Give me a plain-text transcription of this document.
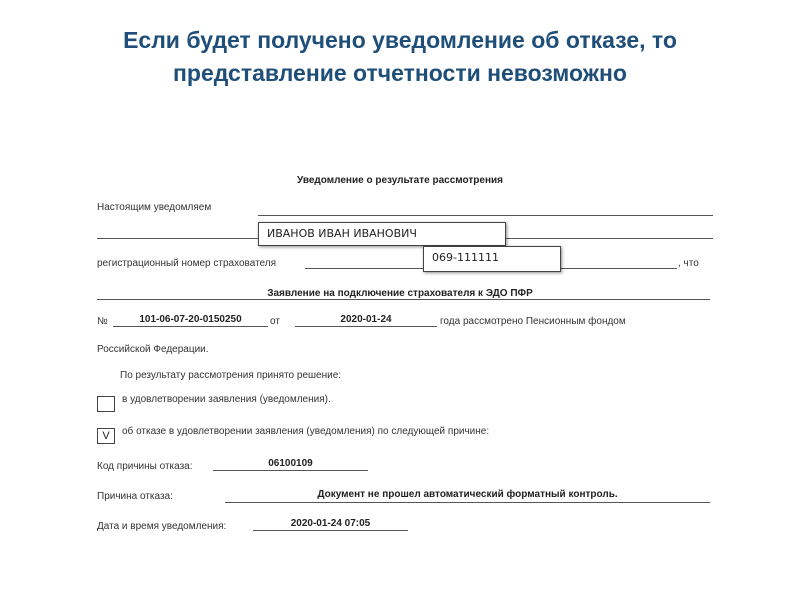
Если будет получено уведомление об отказе, то
представление отчетности невозможно
Уведомление о результате рассмотрения
Настоящим уведомляем
ИВАНОВ ИВАН ИВАНОВИЧ
регистрационный номер страхователя	, что
069-111111
Заявление на подключение страхователя к ЭДО ПФР
№	101-06-07-20-0150250	от	2020-01-24	года рассмотрено Пенсионным фондом
Российской Федерации.
По результату рассмотрения принято решение:
в удовлетворении заявления (уведомления).
V	об отказе в удовлетворении заявления (уведомления) по следующей причине:
Код причины отказа:	06100109
Причина отказа:	Документ не прошел автоматический форматный контроль.
Дата и время уведомления:	2020-01-24 07:05
